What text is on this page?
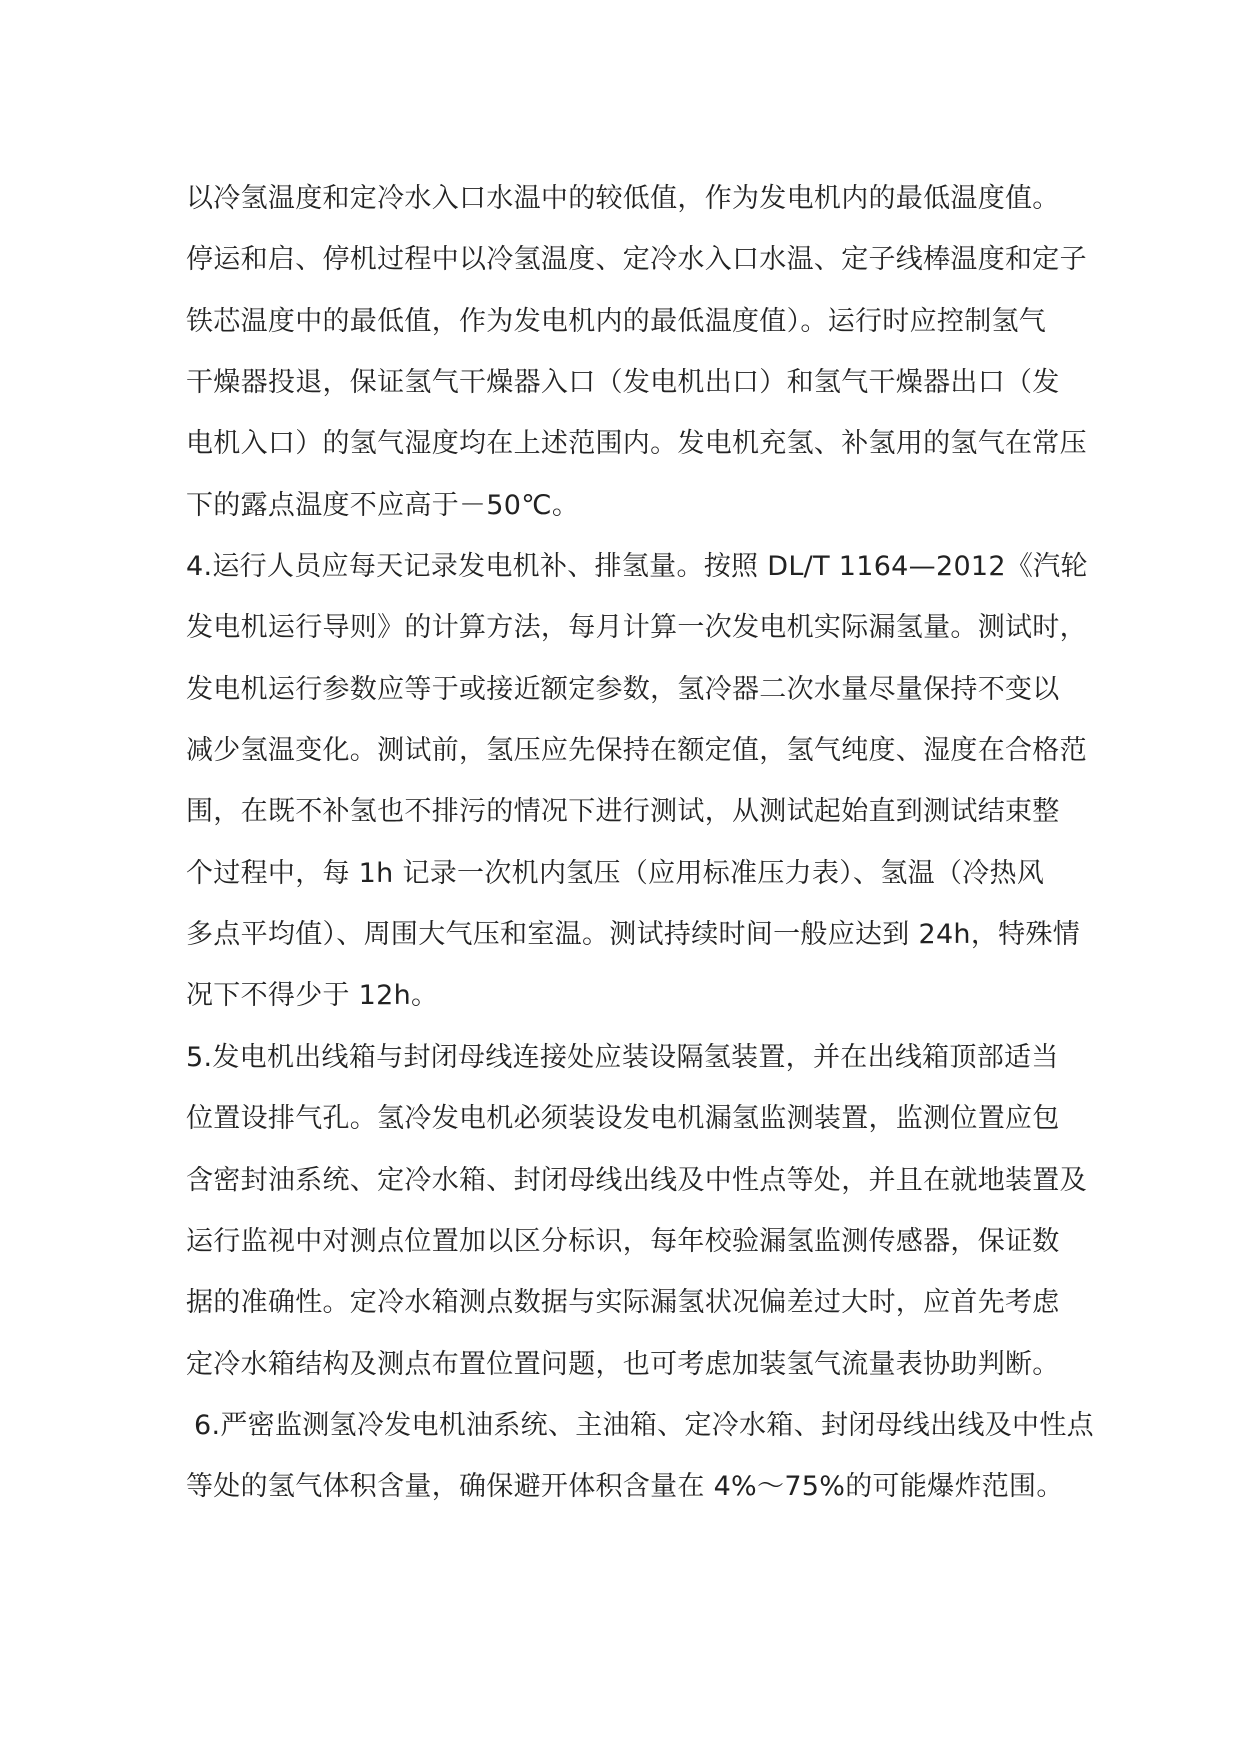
以冷氢温度和定冷水入口水温中的较低值，作为发电机内的最低温度值。
停运和启、停机过程中以冷氢温度、定冷水入口水温、定子线棒温度和定子
铁芯温度中的最低值，作为发电机内的最低温度值）。运行时应控制氢气
干燥器投退，保证氢气干燥器入口（发电机出口）和氢气干燥器出口（发
电机入口）的氢气湿度均在上述范围内。发电机充氢、补氢用的氢气在常压
下的露点温度不应高于－50℃。
4.运行人员应每天记录发电机补、排氢量。按照 DL/T 1164—2012《汽轮
发电机运行导则》的计算方法，每月计算一次发电机实际漏氢量。测试时，
发电机运行参数应等于或接近额定参数，氢冷器二次水量尽量保持不变以
减少氢温变化。测试前，氢压应先保持在额定值，氢气纯度、湿度在合格范
围，在既不补氢也不排污的情况下进行测试，从测试起始直到测试结束整
个过程中，每 1h 记录一次机内氢压（应用标准压力表）、氢温（冷热风
多点平均值）、周围大气压和室温。测试持续时间一般应达到 24h，特殊情
况下不得少于 12h。
5.发电机出线箱与封闭母线连接处应装设隔氢装置，并在出线箱顶部适当
位置设排气孔。氢冷发电机必须装设发电机漏氢监测装置，监测位置应包
含密封油系统、定冷水箱、封闭母线出线及中性点等处，并且在就地装置及
运行监视中对测点位置加以区分标识，每年校验漏氢监测传感器，保证数
据的准确性。定冷水箱测点数据与实际漏氢状况偏差过大时，应首先考虑
定冷水箱结构及测点布置位置问题，也可考虑加装氢气流量表协助判断。
6.严密监测氢冷发电机油系统、主油箱、定冷水箱、封闭母线出线及中性点
等处的氢气体积含量，确保避开体积含量在 4%～75%的可能爆炸范围。
